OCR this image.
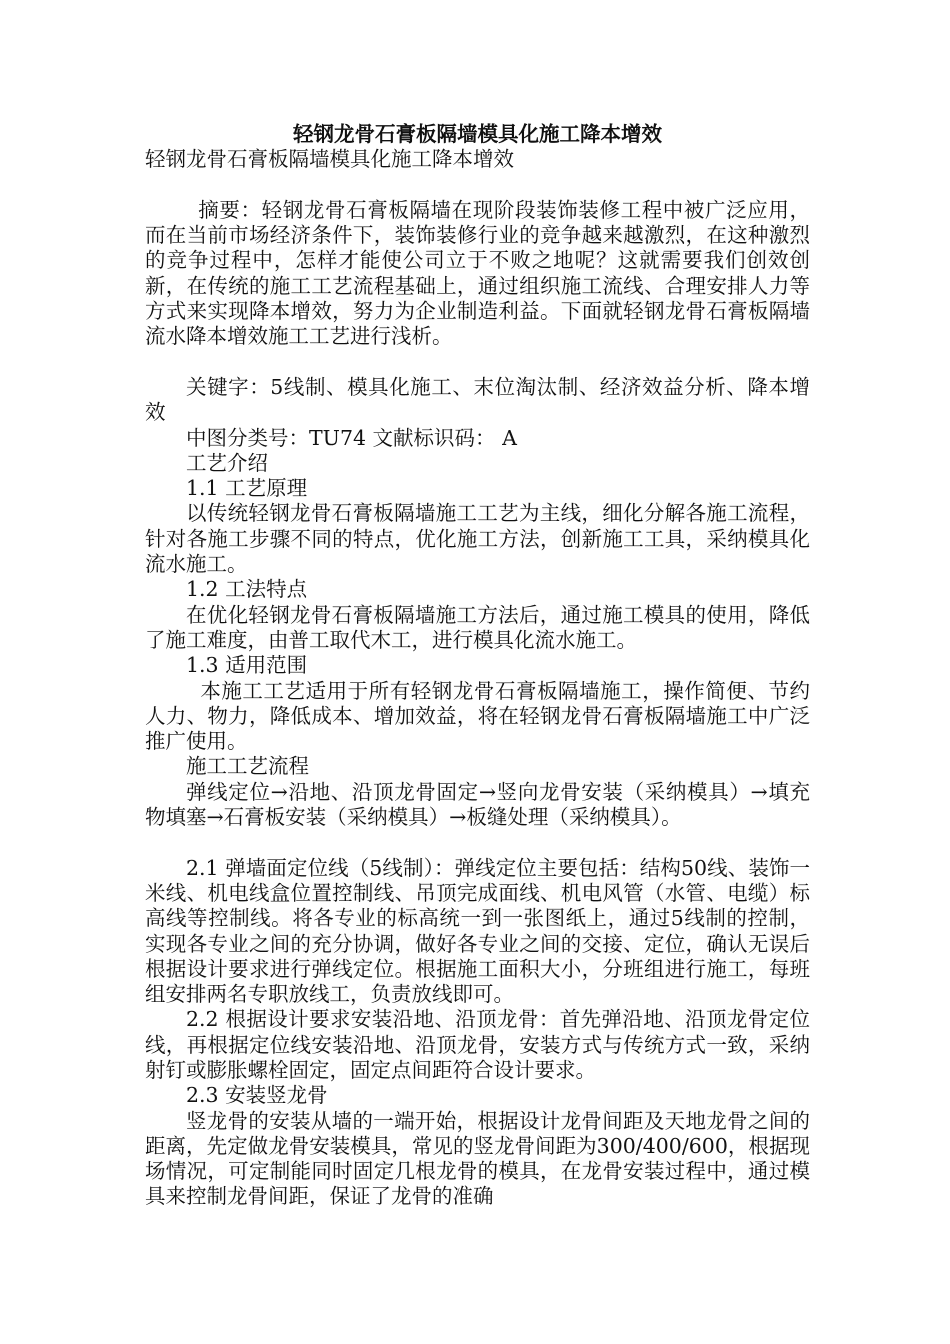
轻钢龙骨石膏板隔墙模具化施工降本增效

轻钢龙骨石膏板隔墙模具化施工降本增效

摘要：轻钢龙骨石膏板隔墙在现阶段装饰装修工程中被广泛应用，而在当前市场经济条件下，装饰装修行业的竞争越来越激烈，在这种激烈的竞争过程中，怎样才能使公司立于不败之地呢？这就需要我们创效创新，在传统的施工工艺流程基础上，通过组织施工流线、合理安排人力等方式来实现降本增效，努力为企业制造利益。下面就轻钢龙骨石膏板隔墙流水降本增效施工工艺进行浅析。

关键字：5线制、模具化施工、末位淘汰制、经济效益分析、降本增效

中图分类号：TU74 文献标识码： A

工艺介绍

1.1 工艺原理

以传统轻钢龙骨石膏板隔墙施工工艺为主线，细化分解各施工流程，针对各施工步骤不同的特点，优化施工方法，创新施工工具，采纳模具化流水施工。

1.2 工法特点

在优化轻钢龙骨石膏板隔墙施工方法后，通过施工模具的使用，降低了施工难度，由普工取代木工，进行模具化流水施工。

1.3 适用范围

本施工工艺适用于所有轻钢龙骨石膏板隔墙施工，操作简便、节约人力、物力，降低成本、增加效益，将在轻钢龙骨石膏板隔墙施工中广泛推广使用。

施工工艺流程

弹线定位→沿地、沿顶龙骨固定→竖向龙骨安装（采纳模具）→填充物填塞→石膏板安装（采纳模具）→板缝处理（采纳模具）。

2.1 弹墙面定位线（5线制）：弹线定位主要包括：结构50线、装饰一米线、机电线盒位置控制线、吊顶完成面线、机电风管（水管、电缆）标高线等控制线。将各专业的标高统一到一张图纸上，通过5线制的控制，实现各专业之间的充分协调，做好各专业之间的交接、定位，确认无误后根据设计要求进行弹线定位。根据施工面积大小，分班组进行施工，每班组安排两名专职放线工，负责放线即可。

2.2 根据设计要求安装沿地、沿顶龙骨：首先弹沿地、沿顶龙骨定位线，再根据定位线安装沿地、沿顶龙骨，安装方式与传统方式一致，采纳射钉或膨胀螺栓固定，固定点间距符合设计要求。

2.3 安装竖龙骨

竖龙骨的安装从墙的一端开始，根据设计龙骨间距及天地龙骨之间的距离，先定做龙骨安装模具，常见的竖龙骨间距为300/400/600，根据现场情况，可定制能同时固定几根龙骨的模具，在龙骨安装过程中，通过模具来控制龙骨间距，保证了龙骨的准确
